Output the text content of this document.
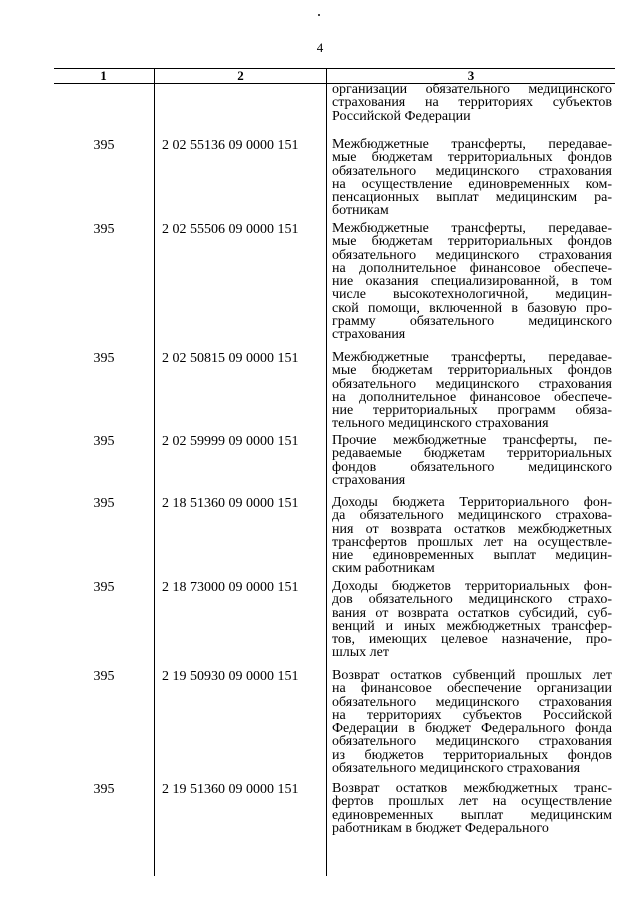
4
1	2	3
организации обязательного медицинского
страхования на территориях субъектов
Российской Федерации
395	2 02 55136 09 0000 151	Межбюджетные трансферты, передавае-
мые бюджетам территориальных фондов
обязательного медицинского страхования
на осуществление единовременных ком-
пенсационных выплат медицинским ра-
ботникам
395	2 02 55506 09 0000 151	Межбюджетные трансферты, передавае-
мые бюджетам территориальных фондов
обязательного медицинского страхования
на дополнительное финансовое обеспече-
ние оказания специализированной, в том
числе высокотехнологичной, медицин-
ской помощи, включенной в базовую про-
грамму обязательного медицинского
страхования
395	2 02 50815 09 0000 151	Межбюджетные трансферты, передавае-
мые бюджетам территориальных фондов
обязательного медицинского страхования
на дополнительное финансовое обеспече-
ние территориальных программ обяза-
тельного медицинского страхования
395	2 02 59999 09 0000 151	Прочие межбюджетные трансферты, пе-
редаваемые бюджетам территориальных
фондов обязательного медицинского
страхования
395	2 18 51360 09 0000 151	Доходы бюджета Территориального фон-
да обязательного медицинского страхова-
ния от возврата остатков межбюджетных
трансфертов прошлых лет на осуществле-
ние единовременных выплат медицин-
ским работникам
395	2 18 73000 09 0000 151	Доходы бюджетов территориальных фон-
дов обязательного медицинского страхо-
вания от возврата остатков субсидий, суб-
венций и иных межбюджетных трансфер-
тов, имеющих целевое назначение, про-
шлых лет
395	2 19 50930 09 0000 151	Возврат остатков субвенций прошлых лет
на финансовое обеспечение организации
обязательного медицинского страхования
на территориях субъектов Российской
Федерации в бюджет Федерального фонда
обязательного медицинского страхования
из бюджетов территориальных фондов
обязательного медицинского страхования
395	2 19 51360 09 0000 151	Возврат остатков межбюджетных транс-
фертов прошлых лет на осуществление
единовременных выплат медицинским
работникам в бюджет Федерального
